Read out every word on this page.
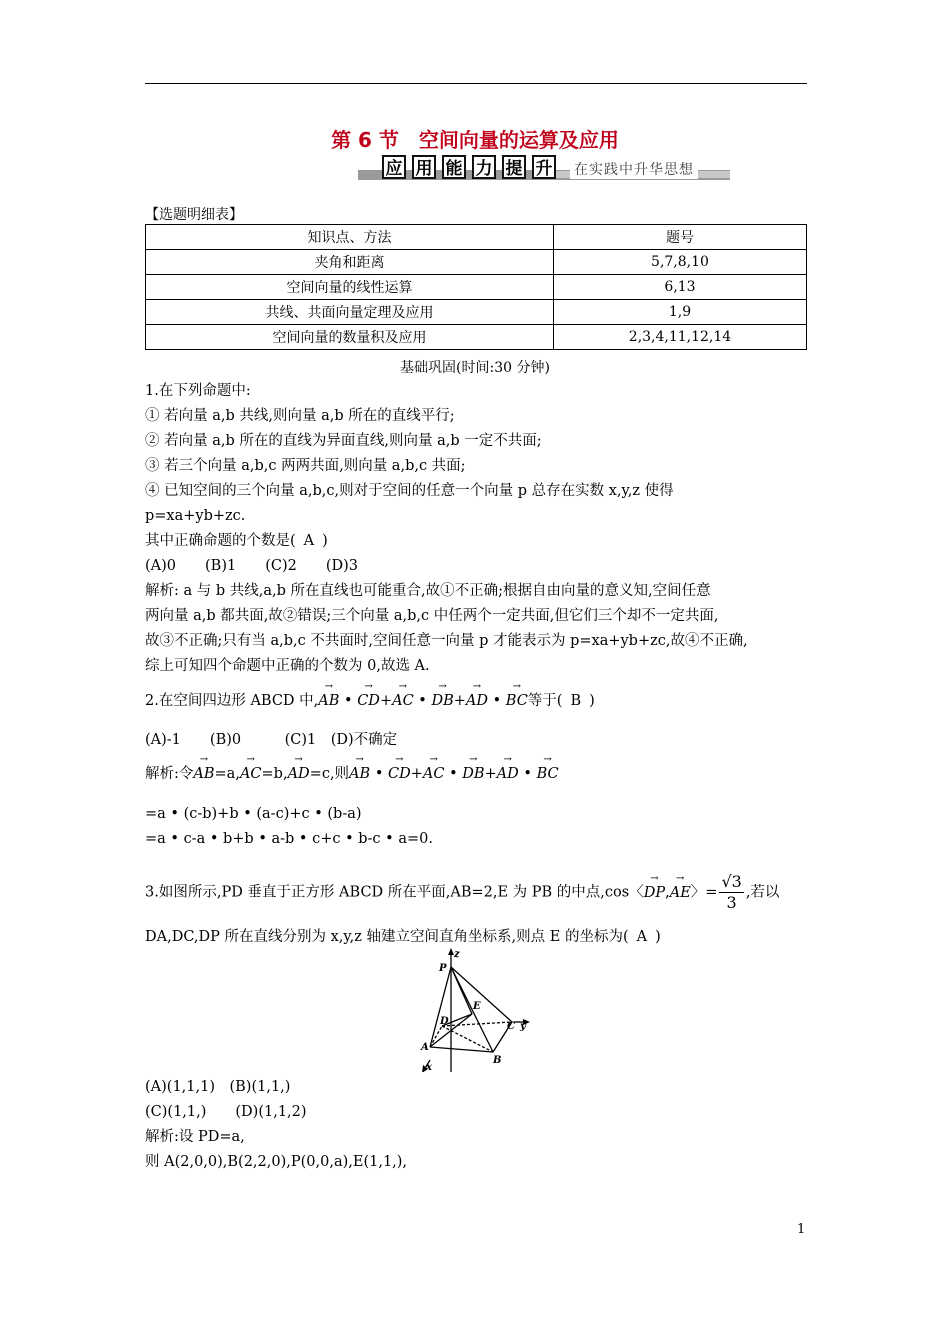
第 6 节　空间向量的运算及应用
应 用 能 力 提 升 在实践中升华思想
【选题明细表】
知识点、方法	题号
夹角和距离	5,7,8,10
空间向量的线性运算	6,13
共线、共面向量定理及应用	1,9
空间向量的数量积及应用	2,3,4,11,12,14
基础巩固(时间:30 分钟)
1.在下列命题中:
① 若向量 a,b 共线,则向量 a,b 所在的直线平行;
② 若向量 a,b 所在的直线为异面直线,则向量 a,b 一定不共面;
③ 若三个向量 a,b,c 两两共面,则向量 a,b,c 共面;
④ 已知空间的三个向量 a,b,c,则对于空间的任意一个向量 p 总存在实数 x,y,z 使得
p=xa+yb+zc.
其中正确命题的个数是( A )
(A)0　　(B)1　　(C)2　　(D)3
解析: a 与 b 共线,a,b 所在直线也可能重合,故①不正确;根据自由向量的意义知,空间任意
两向量 a,b 都共面,故②错误;三个向量 a,b,c 中任两个一定共面,但它们三个却不一定共面,
故③不正确;只有当 a,b,c 不共面时,空间任意一向量 p 才能表示为 p=xa+yb+zc,故④不正确,
综上可知四个命题中正确的个数为 0,故选 A.
2.在空间四边形 ABCD 中,→ AB • → CD+→ AC • → DB+→ AD • → BC等于( B )
(A)-1　　(B)0　　　(C)1　(D)不确定
解析:令→ AB=a,→ AC=b,→ AD=c,则→ AB • → CD+→ AC • → DB+→ AD • → BC
=a • (c-b)+b • (a-c)+c • (b-a)
=a • c-a • b+b • a-b • c+c • b-c • a=0.
3.如图所示,PD 垂直于正方形 ABCD 所在平面,AB=2,E 为 PB 的中点,cos〈→ DP,→ AE〉= $\frac{√3}{3}$ ,若以
DA,DC,DP 所在直线分别为 x,y,z 轴建立空间直角坐标系,则点 E 的坐标为( A )
z
P
E
D	C y
A
B
x
(A)(1,1,1)　(B)(1,1,)
(C)(1,1,)　　(D)(1,1,2)
解析:设 PD=a,
则 A(2,0,0),B(2,2,0),P(0,0,a),E(1,1,),
1
